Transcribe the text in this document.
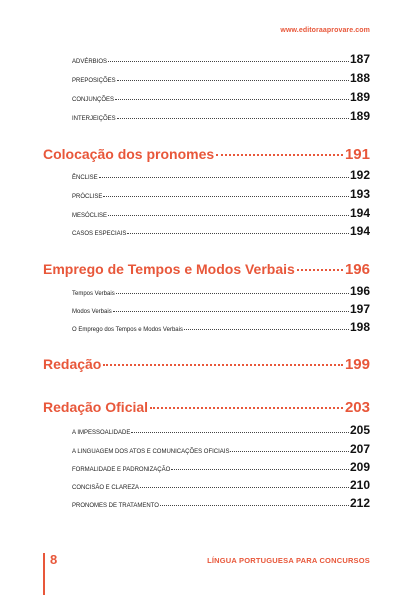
www.editoraaprovare.com
ADVÉRBIOS	187
PREPOSIÇÕES	188
CONJUNÇÕES	189
INTERJEIÇÕES	189
Colocação dos pronomes	191
ÊNCLISE	192
PRÓCLISE	193
MESÓCLISE	194
CASOS ESPECIAIS	194
Emprego de Tempos e Modos Verbais	196
Tempos Verbais	196
Modos Verbais	197
O Emprego dos Tempos e Modos Verbais	198
Redação	199
Redação Oficial	203
A IMPESSOALIDADE	205
A LINGUAGEM DOS ATOS E COMUNICAÇÕES OFICIAIS	207
FORMALIDADE E PADRONIZAÇÃO	209
CONCISÃO E CLAREZA	210
PRONOMES DE TRATAMENTO	212
8	LÍNGUA PORTUGUESA PARA CONCURSOS
